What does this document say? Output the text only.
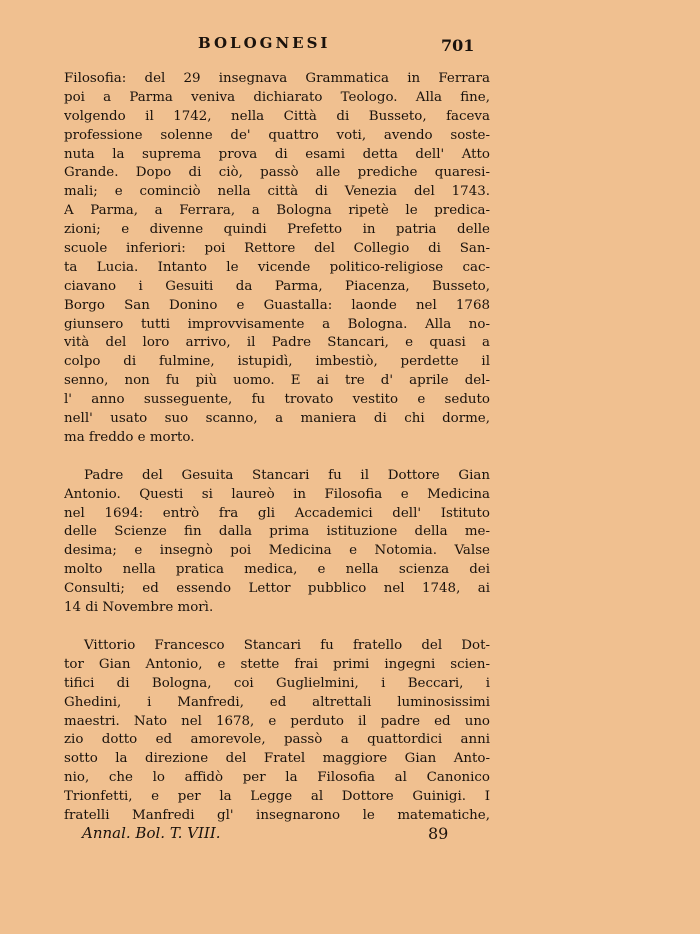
BOLOGNESI	701
Filosofia: del 29 insegnava Grammatica in Ferrara
poi a Parma veniva dichiarato Teologo. Alla fine,
volgendo il 1742, nella Città di Busseto, faceva
professione solenne de' quattro voti, avendo soste-
nuta la suprema prova di esami detta dell' Atto
Grande. Dopo di ciò, passò alle prediche quaresi-
mali; e cominciò nella città di Venezia del 1743.
A Parma, a Ferrara, a Bologna ripetè le predica-
zioni; e divenne quindi Prefetto in patria delle
scuole inferiori: poi Rettore del Collegio di San-
ta Lucia. Intanto le vicende politico-religiose cac-
ciavano i Gesuiti da Parma, Piacenza, Busseto,
Borgo San Donino e Guastalla: laonde nel 1768
giunsero tutti improvvisamente a Bologna. Alla no-
vità del loro arrivo, il Padre Stancari, e quasi a
colpo di fulmine, istupidì, imbestiò, perdette il
senno, non fu più uomo. E ai tre d' aprile del-
l' anno susseguente, fu trovato vestito e seduto
nell' usato suo scanno, a maniera di chi dorme,
ma freddo e morto.
Padre del Gesuita Stancari fu il Dottore Gian
Antonio. Questi si laureò in Filosofia e Medicina
nel 1694: entrò fra gli Accademici dell' Istituto
delle Scienze fin dalla prima istituzione della me-
desima; e insegnò poi Medicina e Notomia. Valse
molto nella pratica medica, e nella scienza dei
Consulti; ed essendo Lettor pubblico nel 1748, ai
14 di Novembre morì.
Vittorio Francesco Stancari fu fratello del Dot-
tor Gian Antonio, e stette frai primi ingegni scien-
tifici di Bologna, coi Guglielmini, i Beccari, i
Ghedini, i Manfredi, ed altrettali luminosissimi
maestri. Nato nel 1678, e perduto il padre ed uno
zio dotto ed amorevole, passò a quattordici anni
sotto la direzione del Fratel maggiore Gian Anto-
nio, che lo affidò per la Filosofia al Canonico
Trionfetti, e per la Legge al Dottore Guinigi. I
fratelli Manfredi gl' insegnarono le matematiche,
Annal. Bol. T. VIII.	89
